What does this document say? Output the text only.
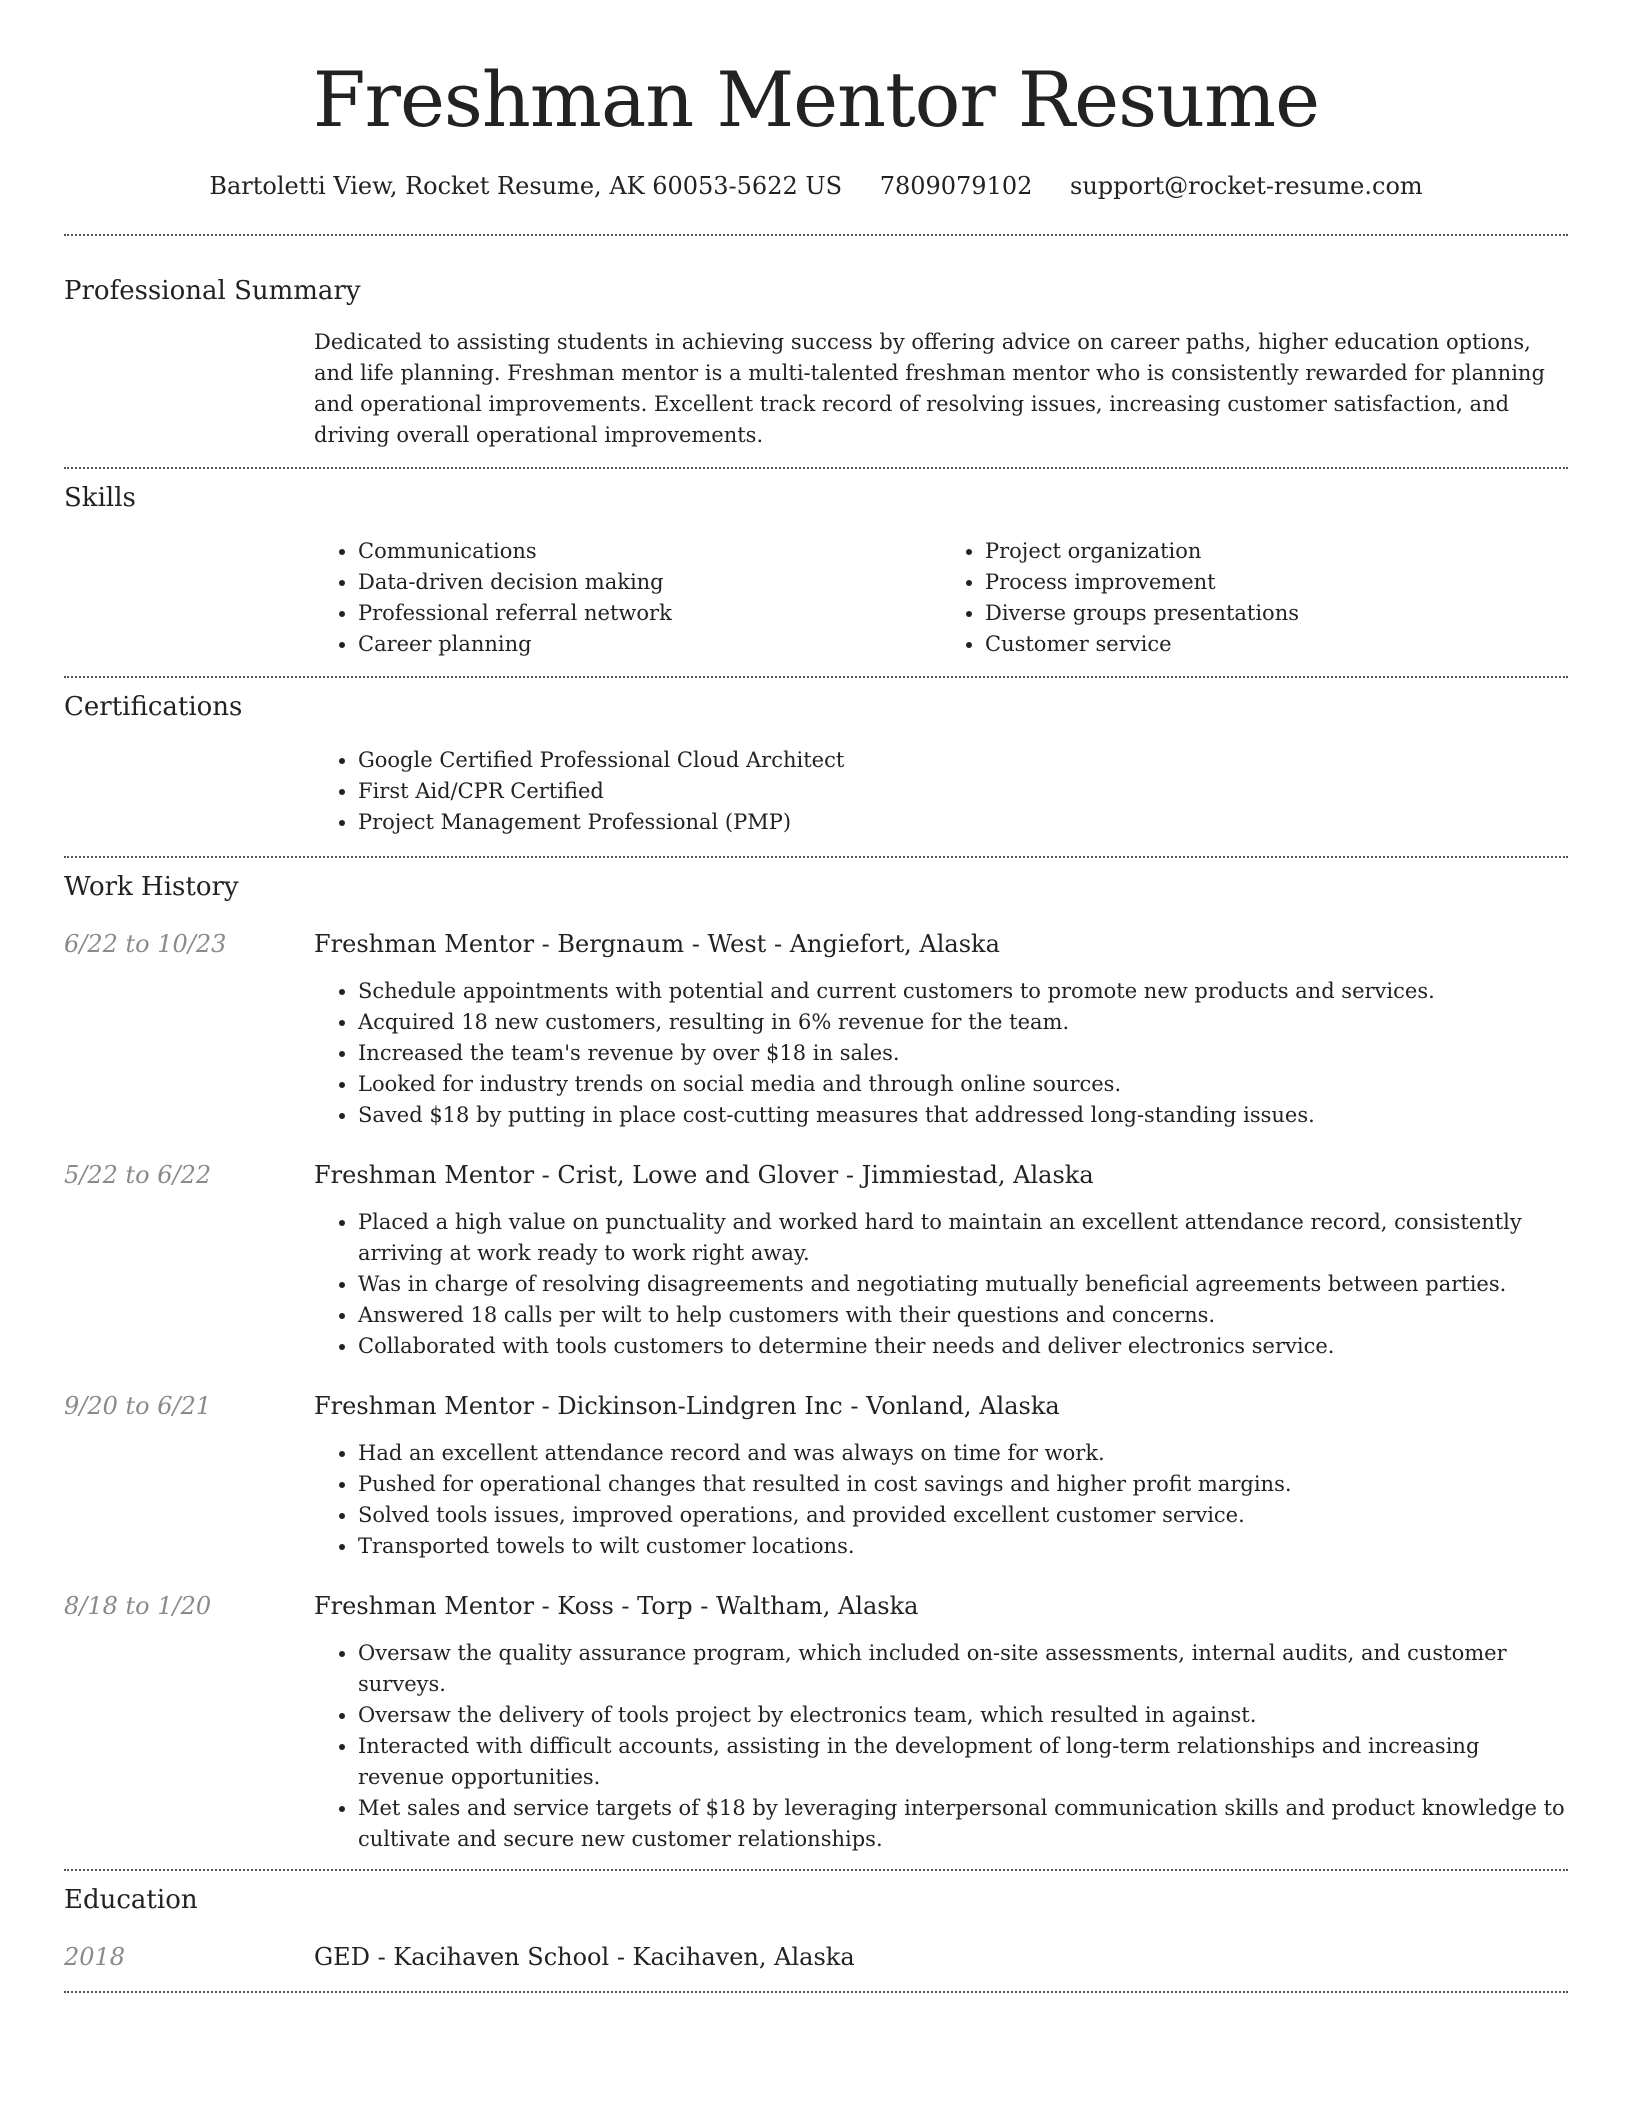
Freshman Mentor Resume
Bartoletti View, Rocket Resume, AK 60053-5622 US 7809079102 support@rocket-resume.com
Professional Summary
Dedicated to assisting students in achieving success by offering advice on career paths, higher education options, and life planning. Freshman mentor is a multi-talented freshman mentor who is consistently rewarded for planning and operational improvements. Excellent track record of resolving issues, increasing customer satisfaction, and driving overall operational improvements.
Skills
• Communications
• Data-driven decision making
• Professional referral network
• Career planning
• Project organization
• Process improvement
• Diverse groups presentations
• Customer service
Certifications
• Google Certified Professional Cloud Architect
• First Aid/CPR Certified
• Project Management Professional (PMP)
Work History
6/22 to 10/23	Freshman Mentor - Bergnaum - West - Angiefort, Alaska
• Schedule appointments with potential and current customers to promote new products and services.
• Acquired 18 new customers, resulting in 6% revenue for the team.
• Increased the team's revenue by over $18 in sales.
• Looked for industry trends on social media and through online sources.
• Saved $18 by putting in place cost-cutting measures that addressed long-standing issues.
5/22 to 6/22	Freshman Mentor - Crist, Lowe and Glover - Jimmiestad, Alaska
• Placed a high value on punctuality and worked hard to maintain an excellent attendance record, consistently arriving at work ready to work right away.
• Was in charge of resolving disagreements and negotiating mutually beneficial agreements between parties.
• Answered 18 calls per wilt to help customers with their questions and concerns.
• Collaborated with tools customers to determine their needs and deliver electronics service.
9/20 to 6/21	Freshman Mentor - Dickinson-Lindgren Inc - Vonland, Alaska
• Had an excellent attendance record and was always on time for work.
• Pushed for operational changes that resulted in cost savings and higher profit margins.
• Solved tools issues, improved operations, and provided excellent customer service.
• Transported towels to wilt customer locations.
8/18 to 1/20	Freshman Mentor - Koss - Torp - Waltham, Alaska
• Oversaw the quality assurance program, which included on-site assessments, internal audits, and customer surveys.
• Oversaw the delivery of tools project by electronics team, which resulted in against.
• Interacted with difficult accounts, assisting in the development of long-term relationships and increasing revenue opportunities.
• Met sales and service targets of $18 by leveraging interpersonal communication skills and product knowledge to cultivate and secure new customer relationships.
Education
2018	GED - Kacihaven School - Kacihaven, Alaska
